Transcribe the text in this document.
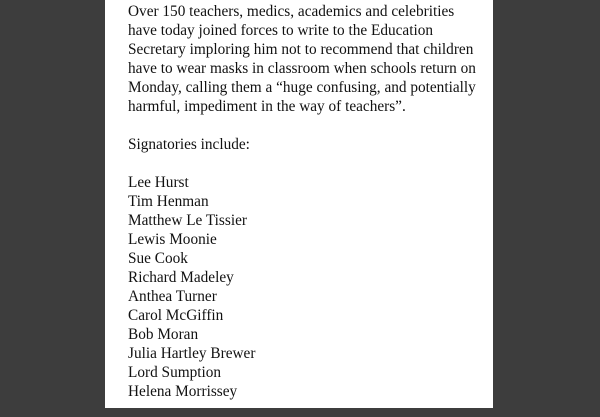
Over 150 teachers, medics, academics and celebrities
have today joined forces to write to the Education
Secretary imploring him not to recommend that children
have to wear masks in classroom when schools return on
Monday, calling them a “huge confusing, and potentially
harmful, impediment in the way of teachers”.

Signatories include:

Lee Hurst
Tim Henman
Matthew Le Tissier
Lewis Moonie
Sue Cook
Richard Madeley
Anthea Turner
Carol McGiffin
Bob Moran
Julia Hartley Brewer
Lord Sumption
Helena Morrissey
